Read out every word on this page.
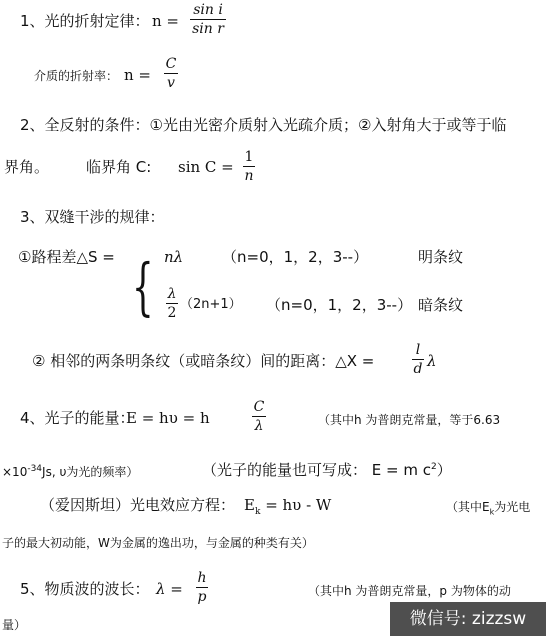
1、光的折射定律： n =
sin i
sin r
介质的折射率： n =
C
v
2、全反射的条件：①光由光密介质射入光疏介质；②入射角大于或等于临
界角。 临界角 C: sin C =
1
n
3、双缝干涉的规律：
①路程差△S = { nλ	（n=0，1，2，3--）	明条纹
λ
2
（2n+1） （n=0，1，2，3--） 暗条纹
② 相邻的两条明条纹（或暗条纹）间的距离：△X =
l
d λ
4、光子的能量：
E = hυ = h
C
λ	（其中h 为普朗克常量，等于6.63
$\times 10^{-34}Js$, υ为光的频率）	（光子的能量也可写成： E = m $c^2$）
（爱因斯坦）光电效应方程： $E_k = h\upsilon - W$	（其中$E_k$为光电
子的最大初动能，W为金属的逸出功，与金属的种类有关）
5、物质波的波长： λ =
h
p	（其中h 为普朗克常量，p 为物体的动
量）	微信号: zizzsw
